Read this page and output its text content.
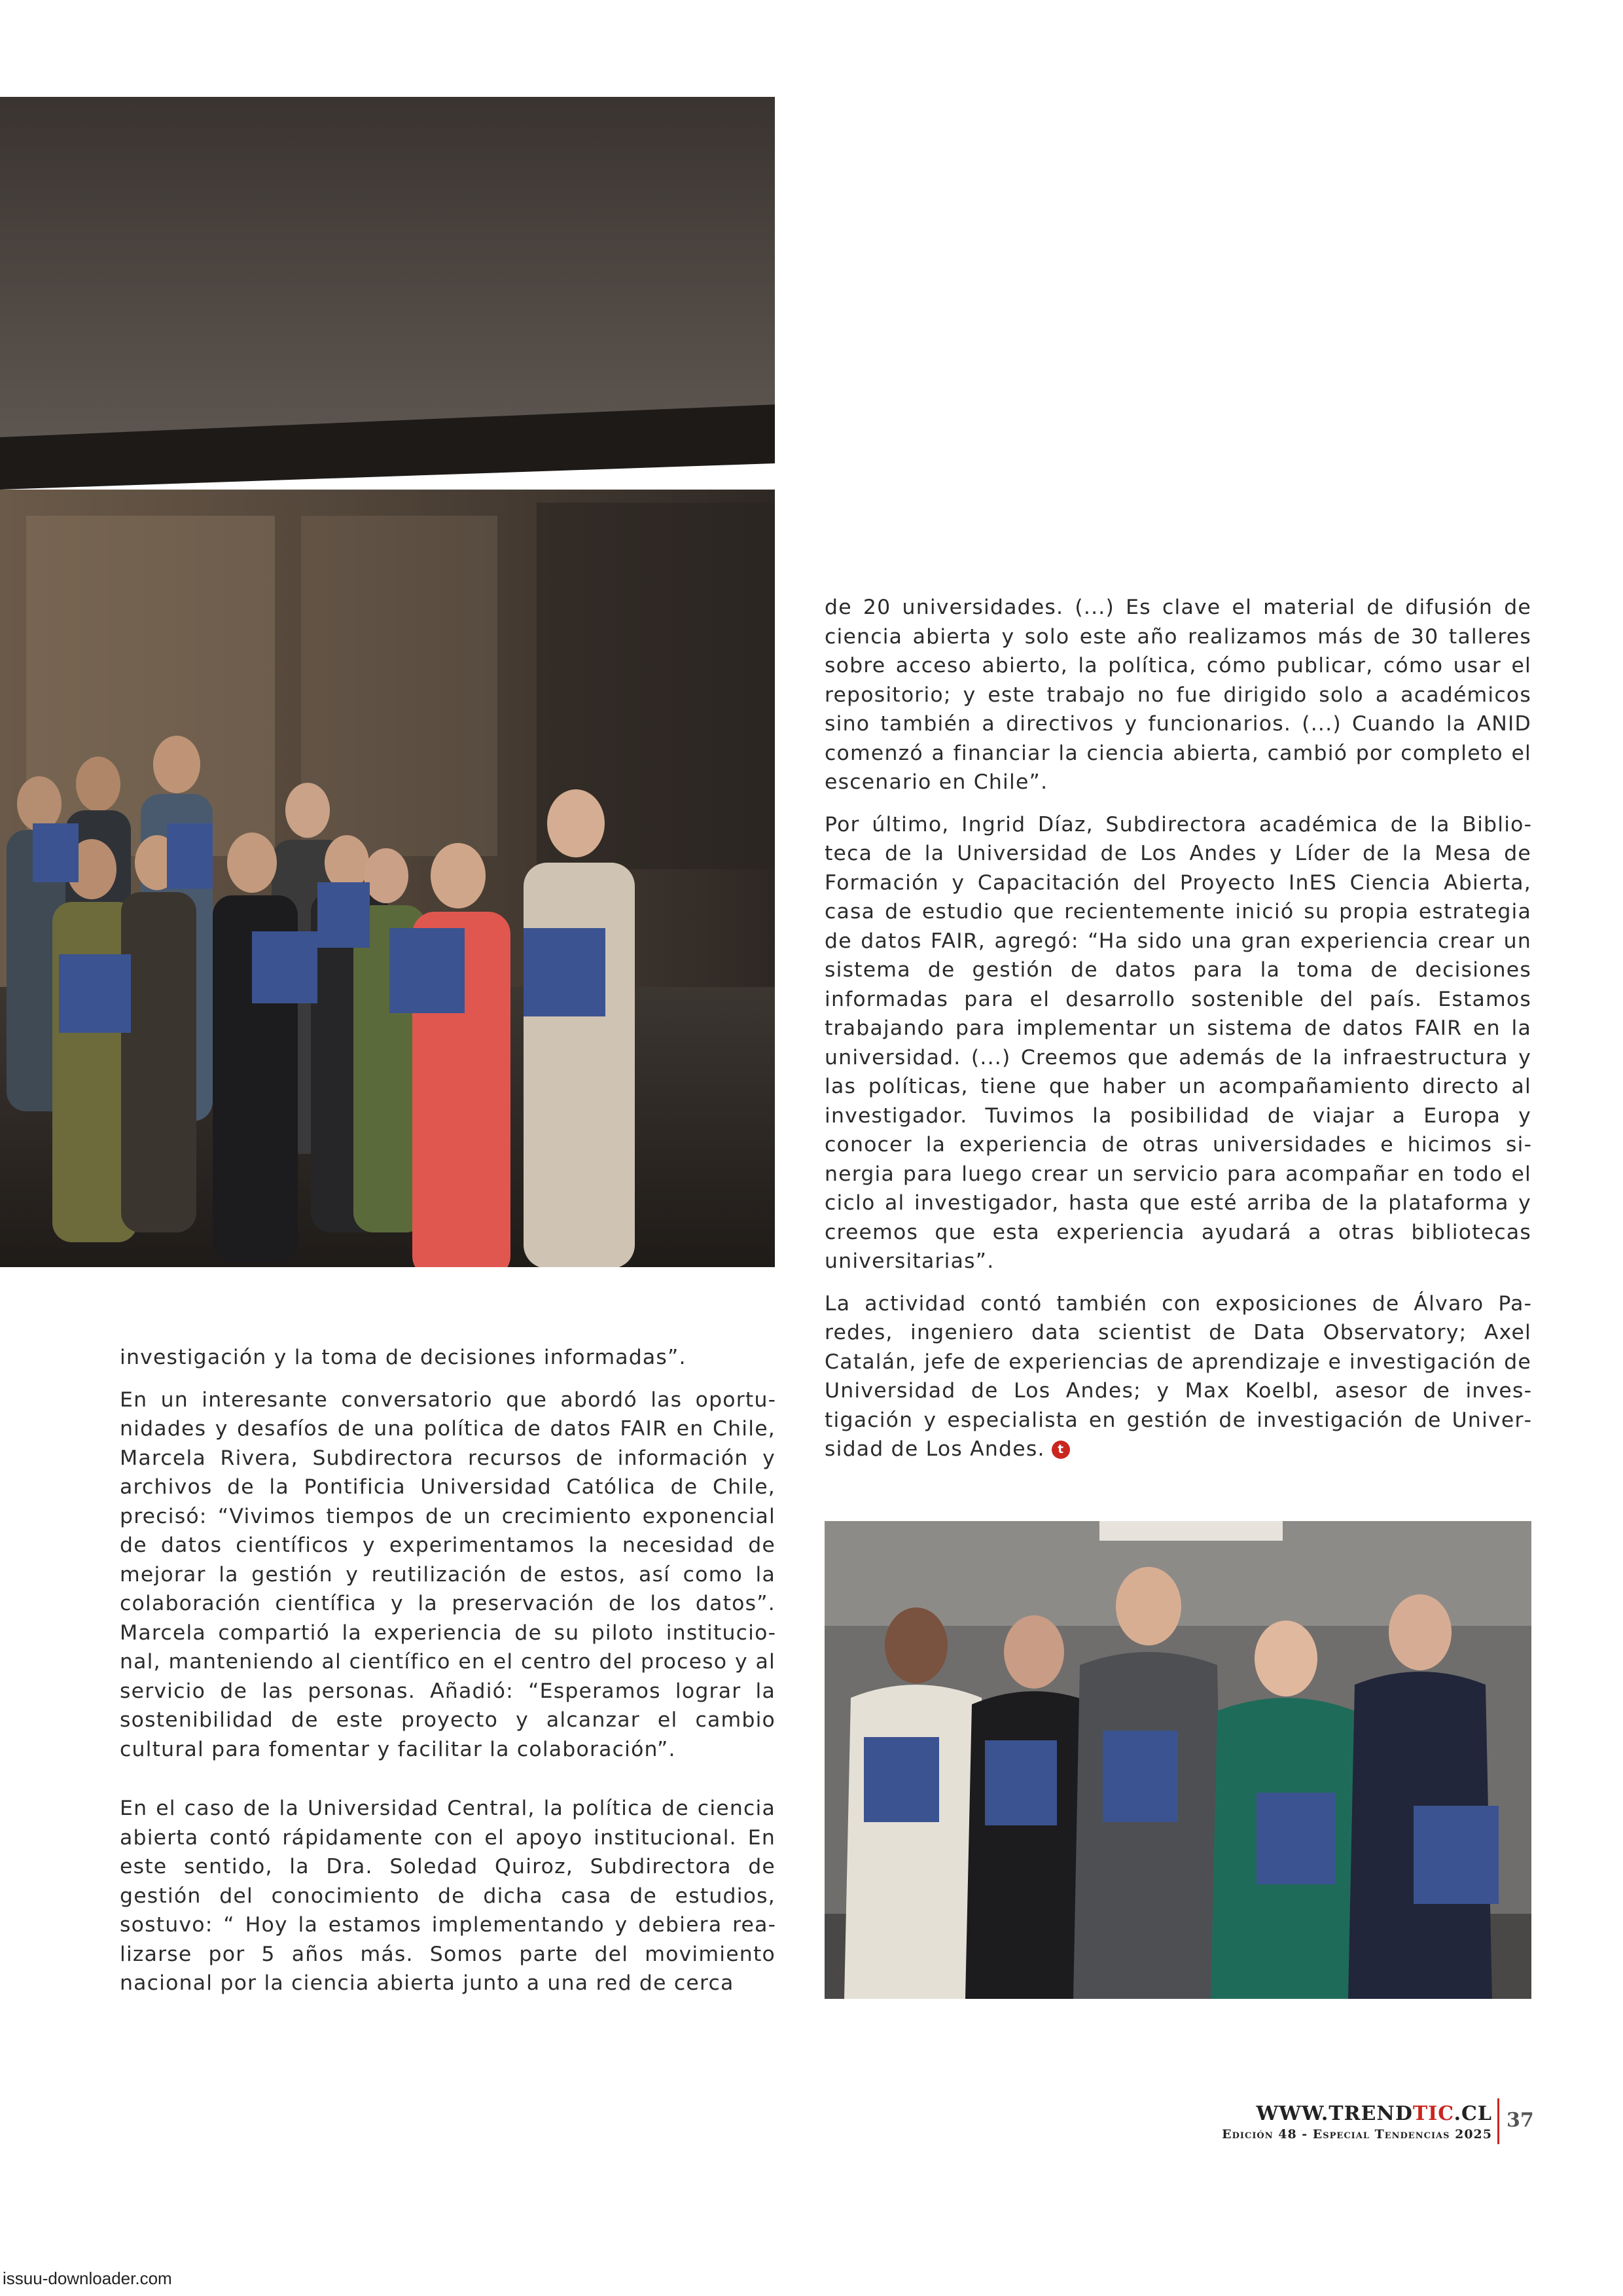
investigación y la toma de decisiones informadas”.

En un interesante conversatorio que abordó las oportunidades y desafíos de una política de datos FAIR en Chile, Marcela Rivera, Subdirectora recursos de información y archivos de la Pontificia Universidad Católica de Chile, precisó: “Vivimos tiempos de un crecimiento exponencial de datos científicos y experimentamos la necesidad de mejorar la gestión y reutilización de estos, así como la colaboración científica y la preservación de los datos”. Marcela compartió la experiencia de su piloto institucional, manteniendo al científico en el centro del proceso y al servicio de las personas. Añadió: “Esperamos lograr la sostenibilidad de este proyecto y alcanzar el cambio cultural para fomentar y facilitar la colaboración”.

En el caso de la Universidad Central, la política de ciencia abierta contó rápidamente con el apoyo institucional. En este sentido, la Dra. Soledad Quiroz, Subdirectora de gestión del conocimiento de dicha casa de estudios, sostuvo: “ Hoy la estamos implementando y debiera realizarse por 5 años más. Somos parte del movimiento nacional por la ciencia abierta junto a una red de cerca

de 20 universidades. (...) Es clave el material de difusión de ciencia abierta y solo este año realizamos más de 30 talleres sobre acceso abierto, la política, cómo publicar, cómo usar el repositorio; y este trabajo no fue dirigido solo a académicos sino también a directivos y funcionarios. (...) Cuando la ANID comenzó a financiar la ciencia abierta, cambió por completo el escenario en Chile”.

Por último, Ingrid Díaz, Subdirectora académica de la Biblioteca de la Universidad de Los Andes y Líder de la Mesa de Formación y Capacitación del Proyecto InES Ciencia Abierta, casa de estudio que recientemente inició su propia estrategia de datos FAIR, agregó: “Ha sido una gran experiencia crear un sistema de gestión de datos para la toma de decisiones informadas para el desarrollo sostenible del país. Estamos trabajando para implementar un sistema de datos FAIR en la universidad. (...) Creemos que además de la infraestructura y las políticas, tiene que haber un acompañamiento directo al investigador. Tuvimos la posibilidad de viajar a Europa y conocer la experiencia de otras universidades e hicimos sinergia para luego crear un servicio para acompañar en todo el ciclo al investigador, hasta que esté arriba de la plataforma y creemos que esta experiencia ayudará a otras bibliotecas universitarias”.

La actividad contó también con exposiciones de Álvaro Paredes, ingeniero data scientist de Data Observatory; Axel Catalán, jefe de experiencias de aprendizaje e investigación de Universidad de Los Andes; y Max Koelbl, asesor de investigación y especialista en gestión de investigación de Universidad de Los Andes. t

WWW.TRENDTIC.CL
Edición 48 - Especial Tendencias 2025
37
issuu-downloader.com
